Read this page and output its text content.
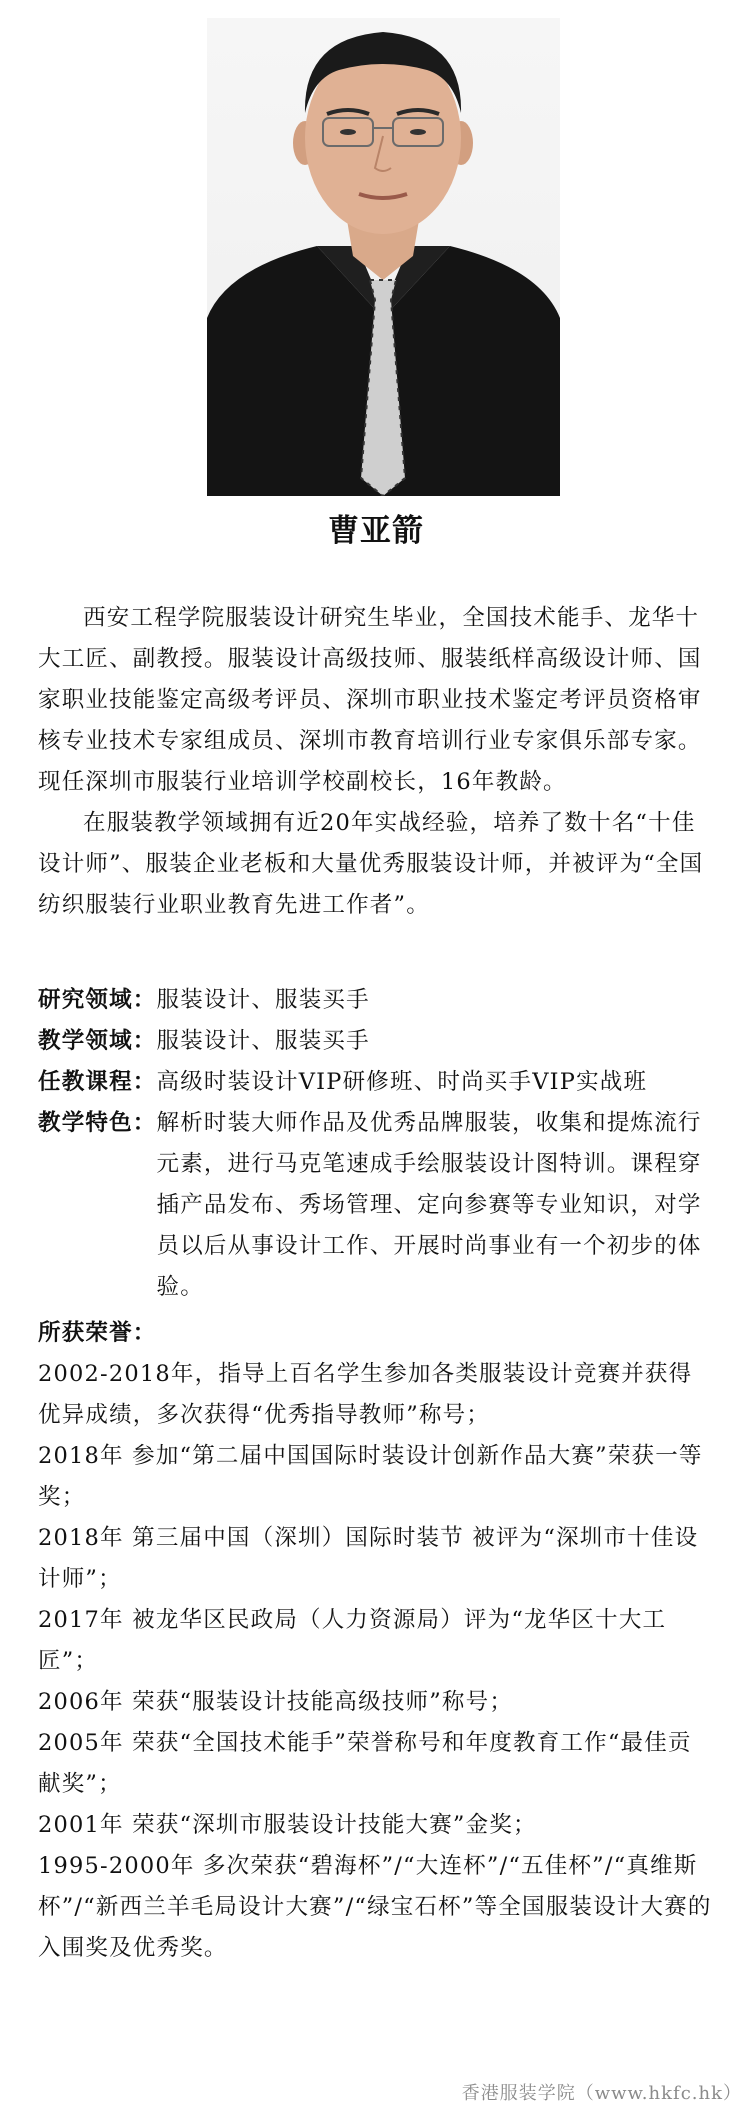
曹亚箭

西安工程学院服装设计研究生毕业，全国技术能手、龙华十大工匠、副教授。服装设计高级技师、服装纸样高级设计师、国家职业技能鉴定高级考评员、深圳市职业技术鉴定考评员资格审核专业技术专家组成员、深圳市教育培训行业专家俱乐部专家。现任深圳市服装行业培训学校副校长，16年教龄。

在服装教学领域拥有近20年实战经验，培养了数十名“十佳设计师”、服装企业老板和大量优秀服装设计师，并被评为“全国纺织服装行业职业教育先进工作者”。

研究领域： 服装设计、服装买手
教学领域： 服装设计、服装买手
任教课程： 高级时装设计VIP研修班、时尚买手VIP实战班
教学特色： 解析时装大师作品及优秀品牌服装，收集和提炼流行元素，进行马克笔速成手绘服装设计图特训。课程穿插产品发布、秀场管理、定向参赛等专业知识，对学员以后从事设计工作、开展时尚事业有一个初步的体验。

所获荣誉：

2002-2018年，指导上百名学生参加各类服装设计竞赛并获得优异成绩，多次获得“优秀指导教师”称号；

2018年 参加“第二届中国国际时装设计创新作品大赛”荣获一等奖；

2018年 第三届中国（深圳）国际时装节 被评为“深圳市十佳设计师”；

2017年 被龙华区民政局（人力资源局）评为“龙华区十大工匠”；

2006年 荣获“服装设计技能高级技师”称号；

2005年 荣获“全国技术能手”荣誉称号和年度教育工作“最佳贡献奖”；

2001年 荣获“深圳市服装设计技能大赛”金奖；

1995-2000年 多次荣获“碧海杯”/“大连杯”/“五佳杯”/“真维斯杯”/“新西兰羊毛局设计大赛”/“绿宝石杯”等全国服装设计大赛的入围奖及优秀奖。

香港服装学院（www.hkfc.hk）
